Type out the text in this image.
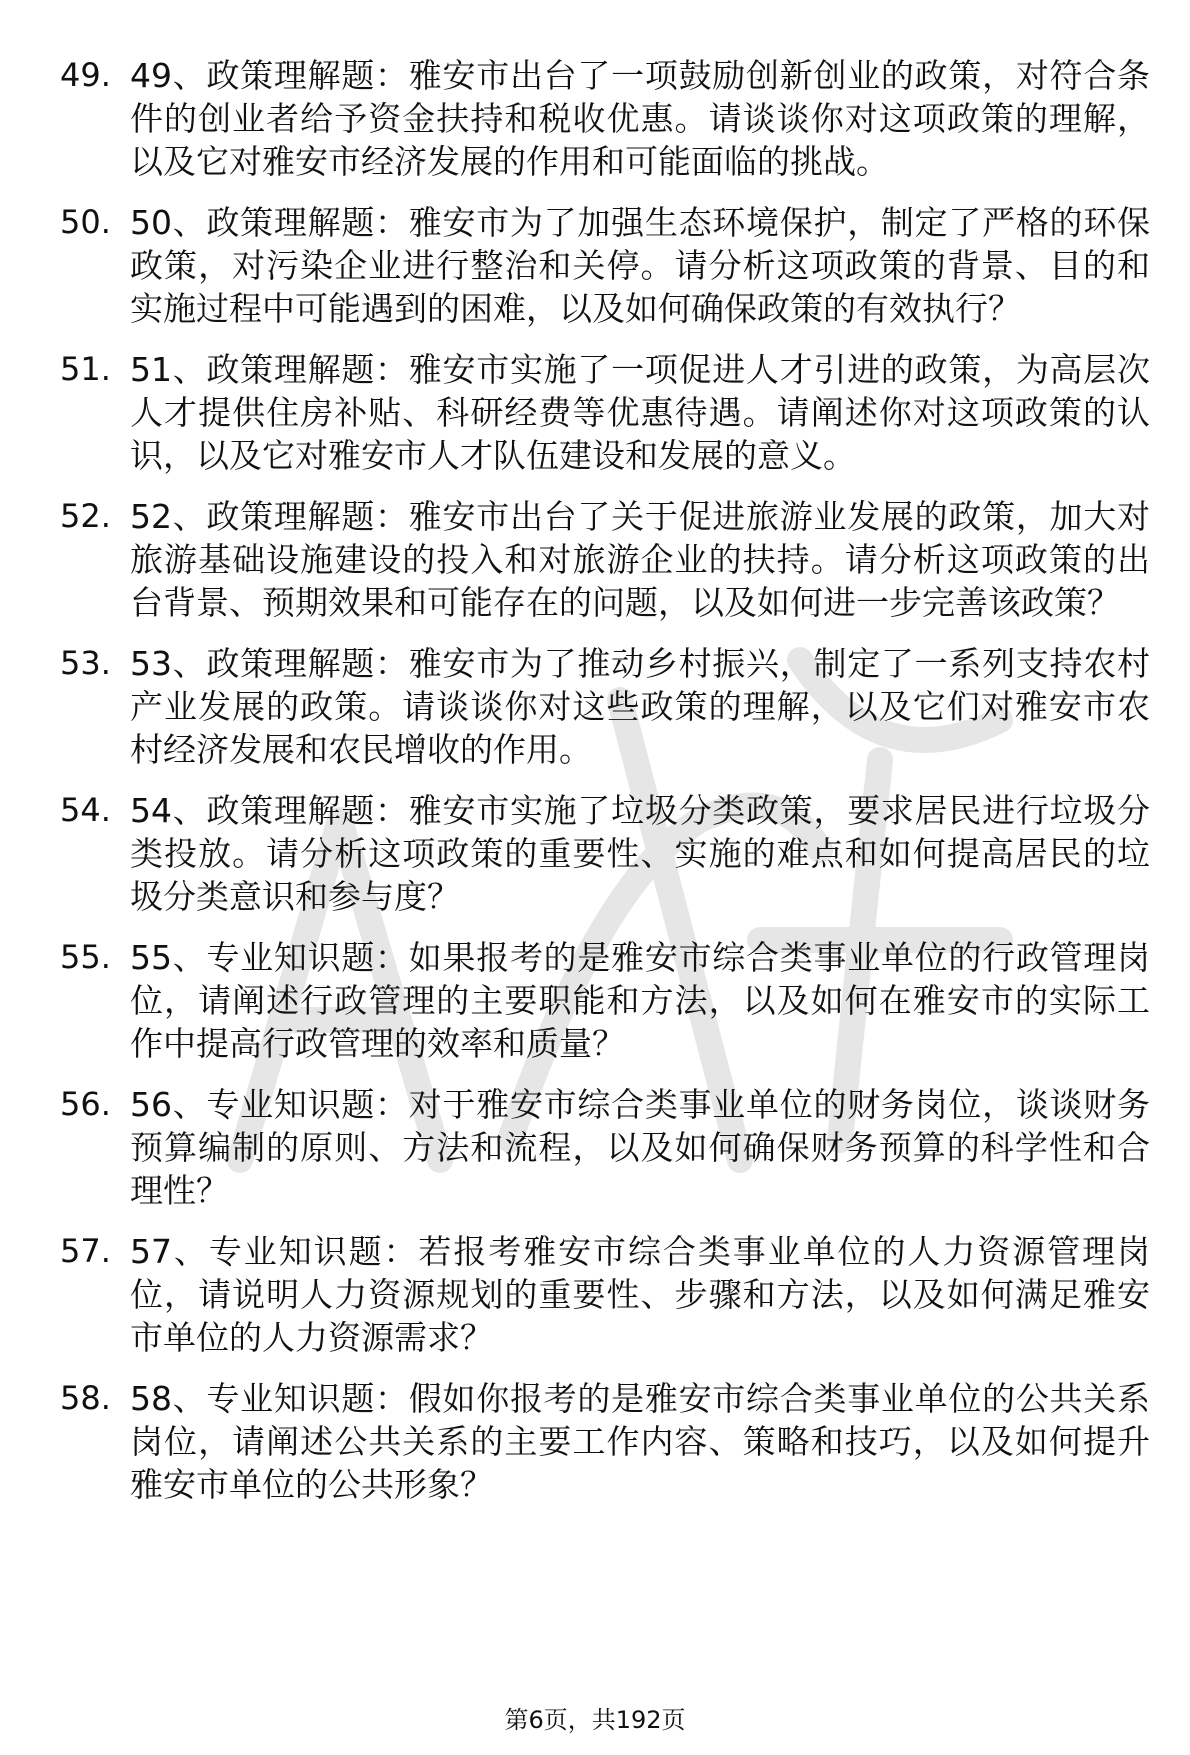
49. 49、政策理解题：雅安市出台了一项鼓励创新创业的政策，对符合条件的创业者给予资金扶持和税收优惠。请谈谈你对这项政策的理解，以及它对雅安市经济发展的作用和可能面临的挑战。
50. 50、政策理解题：雅安市为了加强生态环境保护，制定了严格的环保政策，对污染企业进行整治和关停。请分析这项政策的背景、目的和实施过程中可能遇到的困难，以及如何确保政策的有效执行？
51. 51、政策理解题：雅安市实施了一项促进人才引进的政策，为高层次人才提供住房补贴、科研经费等优惠待遇。请阐述你对这项政策的认识，以及它对雅安市人才队伍建设和发展的意义。
52. 52、政策理解题：雅安市出台了关于促进旅游业发展的政策，加大对旅游基础设施建设的投入和对旅游企业的扶持。请分析这项政策的出台背景、预期效果和可能存在的问题，以及如何进一步完善该政策？
53. 53、政策理解题：雅安市为了推动乡村振兴，制定了一系列支持农村产业发展的政策。请谈谈你对这些政策的理解，以及它们对雅安市农村经济发展和农民增收的作用。
54. 54、政策理解题：雅安市实施了垃圾分类政策，要求居民进行垃圾分类投放。请分析这项政策的重要性、实施的难点和如何提高居民的垃圾分类意识和参与度？
55. 55、专业知识题：如果报考的是雅安市综合类事业单位的行政管理岗位，请阐述行政管理的主要职能和方法，以及如何在雅安市的实际工作中提高行政管理的效率和质量？
56. 56、专业知识题：对于雅安市综合类事业单位的财务岗位，谈谈财务预算编制的原则、方法和流程，以及如何确保财务预算的科学性和合理性？
57. 57、专业知识题：若报考雅安市综合类事业单位的人力资源管理岗位，请说明人力资源规划的重要性、步骤和方法，以及如何满足雅安市单位的人力资源需求？
58. 58、专业知识题：假如你报考的是雅安市综合类事业单位的公共关系岗位，请阐述公共关系的主要工作内容、策略和技巧，以及如何提升雅安市单位的公共形象？
第6页，共192页
